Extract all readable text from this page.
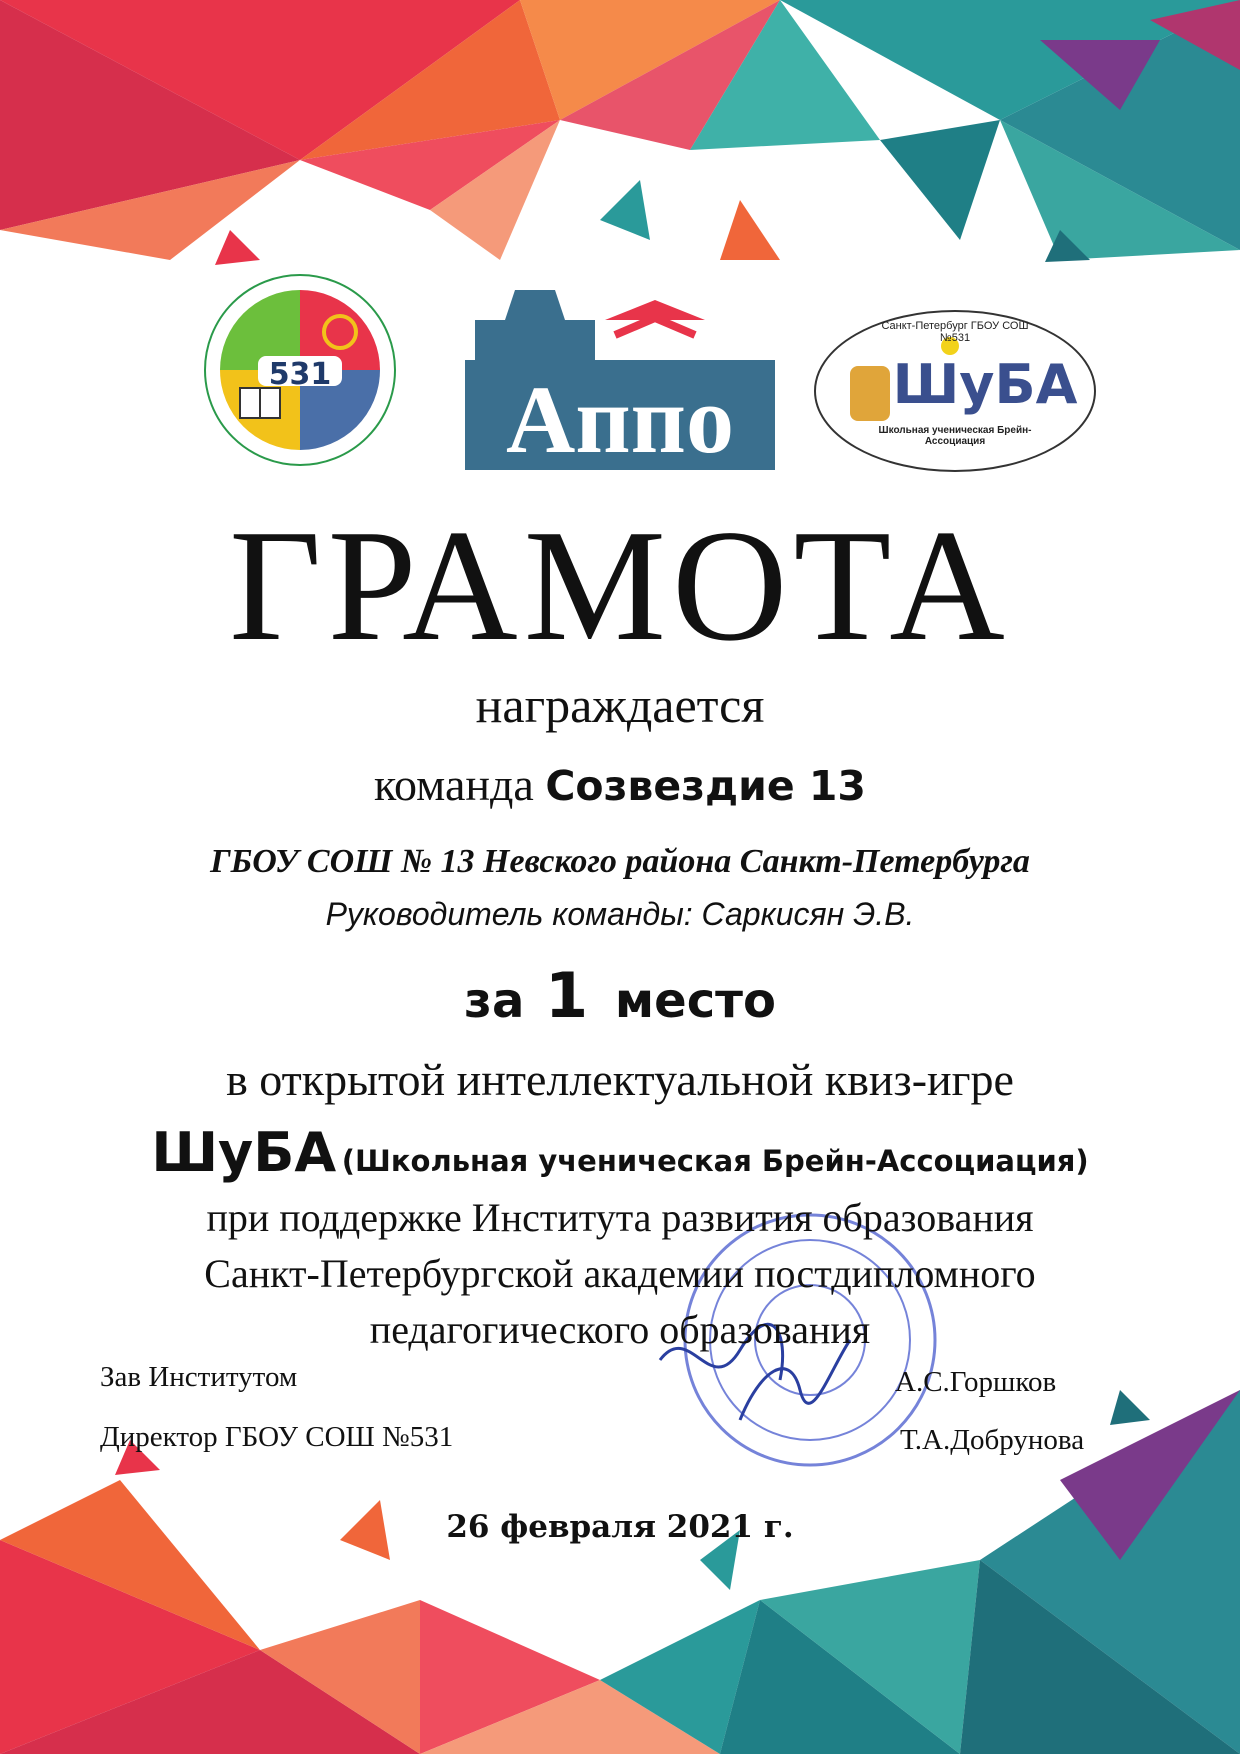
531	Аппо
Санкт-Петербург ГБОУ СОШ №531
ШуБА
Школьная ученическая Брейн-Ассоциация
ГРАМОТА
награждается
команда Созвездие 13
ГБОУ СОШ № 13 Невского района Санкт-Петербурга
Руководитель команды: Саркисян Э.В.
за 1 место
в открытой интеллектуальной квиз-игре
ШуБА (Школьная ученическая Брейн-Ассоциация)
при поддержке Института развития образования
Санкт-Петербургской академии постдипломного
педагогического образования
Зав Институтом	А.С.Горшков
Директор ГБОУ СОШ №531	Т.А.Добрунова
26 февраля 2021 г.
